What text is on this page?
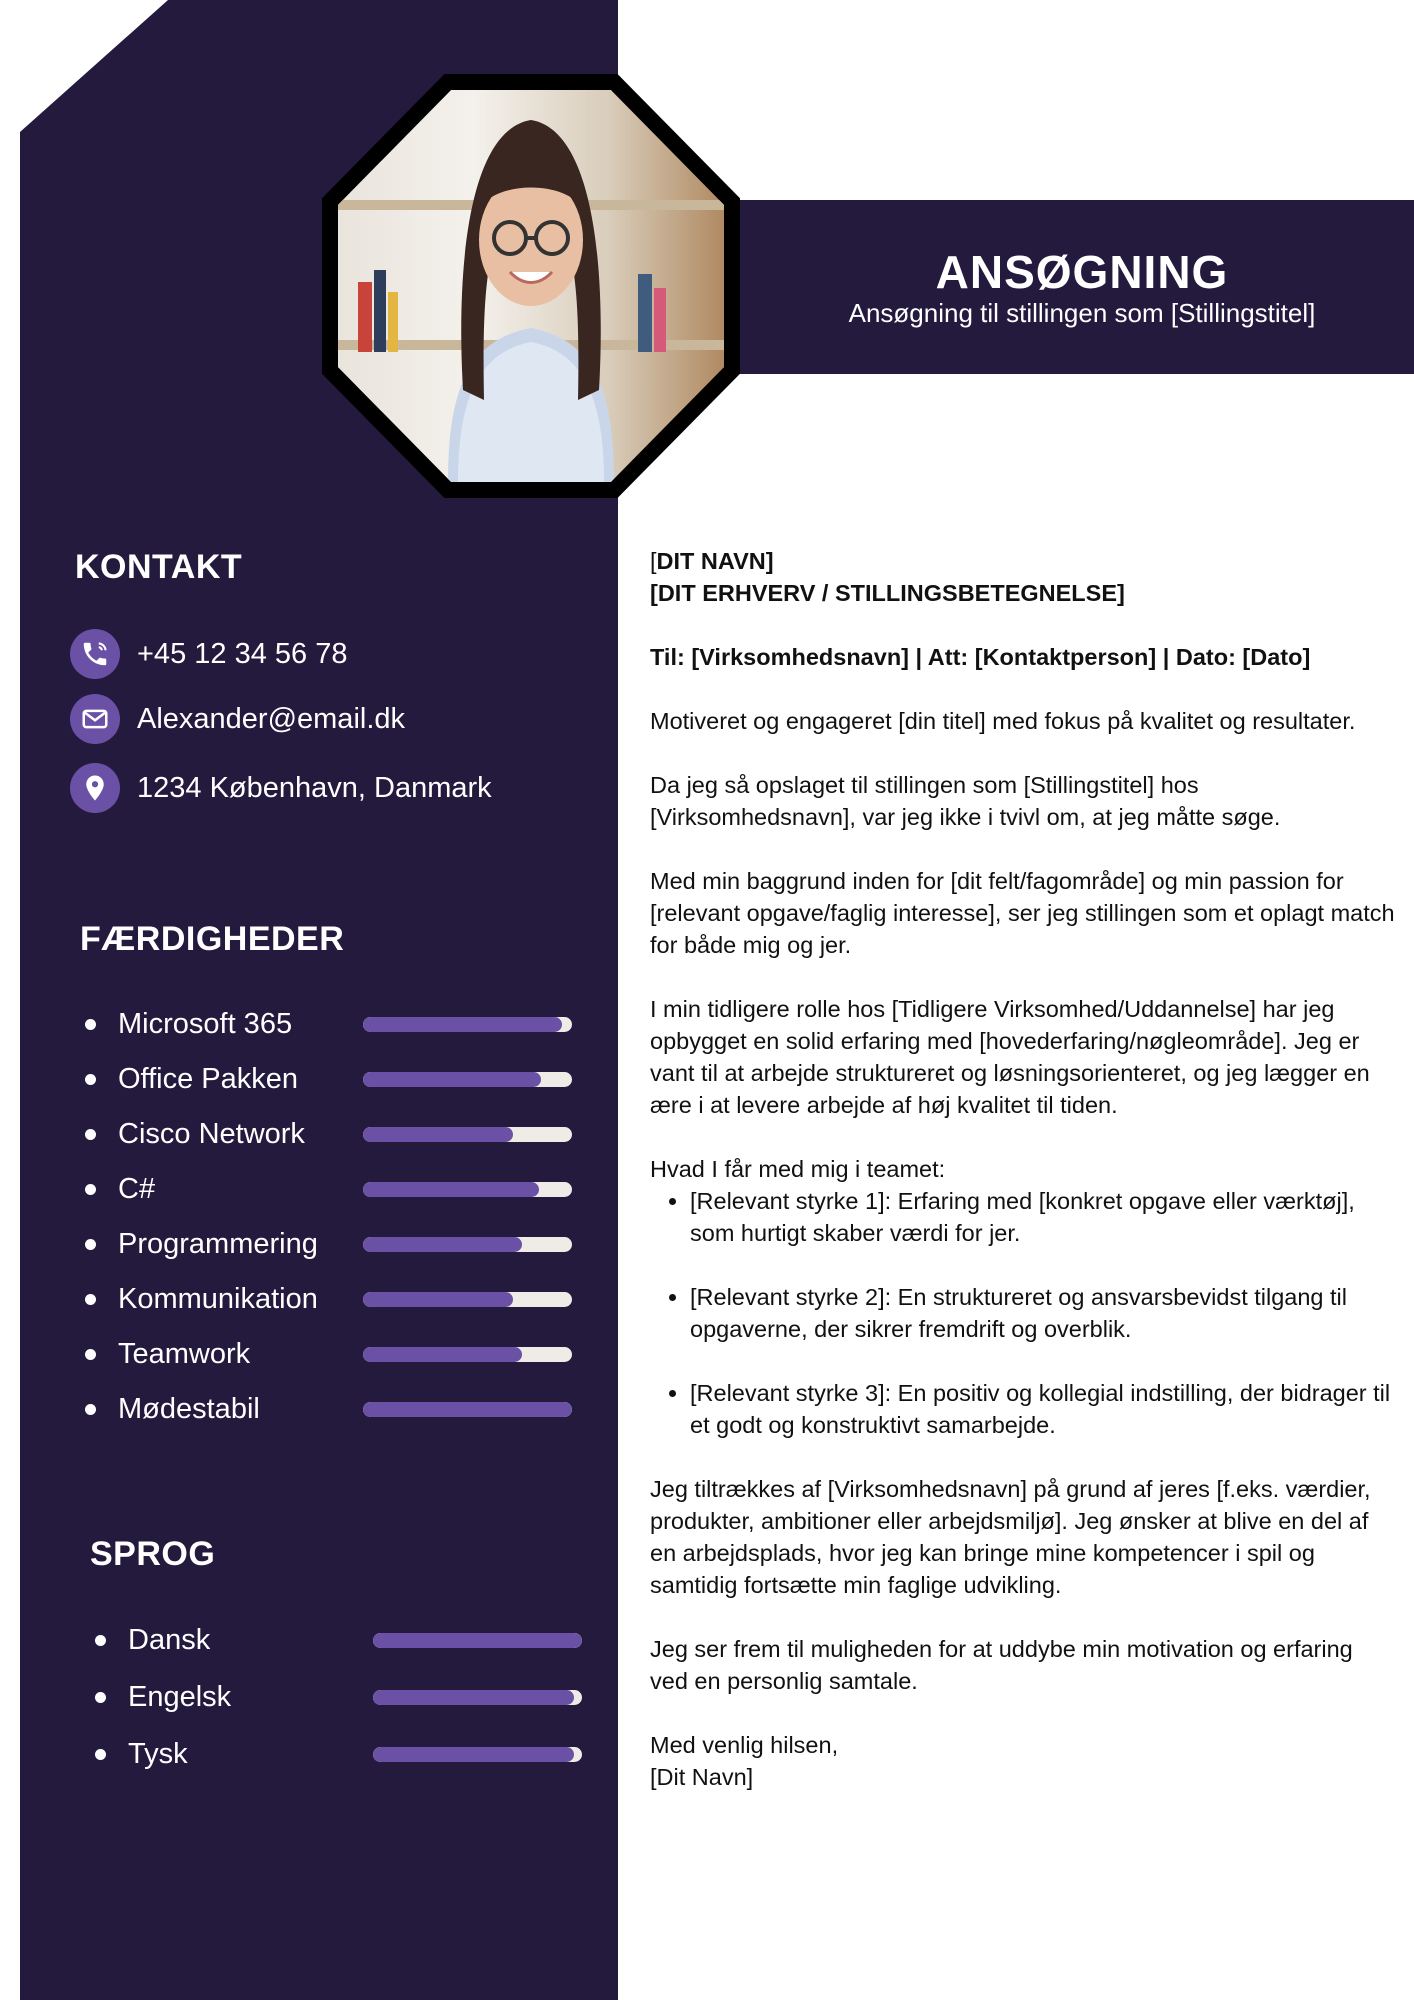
ANSØGNING
Ansøgning til stillingen som [Stillingstitel]
KONTAKT
+45 12 34 56 78
Alexander@email.dk
1234 København, Danmark
FÆRDIGHEDER
Microsoft 365
Office Pakken
Cisco Network
C#
Programmering
Kommunikation
Teamwork
Mødestabil
SPROG
Dansk
Engelsk
Tysk

[DIT NAVN]

[DIT ERHVERV / STILLINGSBETEGNELSE]

Til: [Virksomhedsnavn] | Att: [Kontaktperson] | Dato: [Dato]

Motiveret og engageret [din titel] med fokus på kvalitet og resultater.

Da jeg så opslaget til stillingen som [Stillingstitel] hos [Virksomhedsnavn], var jeg ikke i tvivl om, at jeg måtte søge.

Med min baggrund inden for [dit felt/fagområde] og min passion for [relevant opgave/faglig interesse], ser jeg stillingen som et oplagt match for både mig og jer.

I min tidligere rolle hos [Tidligere Virksomhed/Uddannelse] har jeg opbygget en solid erfaring med [hovederfaring/nøgleområde]. Jeg er vant til at arbejde struktureret og løsningsorienteret, og jeg lægger en ære i at levere arbejde af høj kvalitet til tiden.

Hvad I får med mig i teamet:

• [Relevant styrke 1]: Erfaring med [konkret opgave eller værktøj], som hurtigt skaber værdi for jer.
• [Relevant styrke 2]: En struktureret og ansvarsbevidst tilgang til opgaverne, der sikrer fremdrift og overblik.
• [Relevant styrke 3]: En positiv og kollegial indstilling, der bidrager til et godt og konstruktivt samarbejde.

Jeg tiltrækkes af [Virksomhedsnavn] på grund af jeres [f.eks. værdier, produkter, ambitioner eller arbejdsmiljø]. Jeg ønsker at blive en del af en arbejdsplads, hvor jeg kan bringe mine kompetencer i spil og samtidig fortsætte min faglige udvikling.

Jeg ser frem til muligheden for at uddybe min motivation og erfaring ved en personlig samtale.

Med venlig hilsen,

[Dit Navn]
